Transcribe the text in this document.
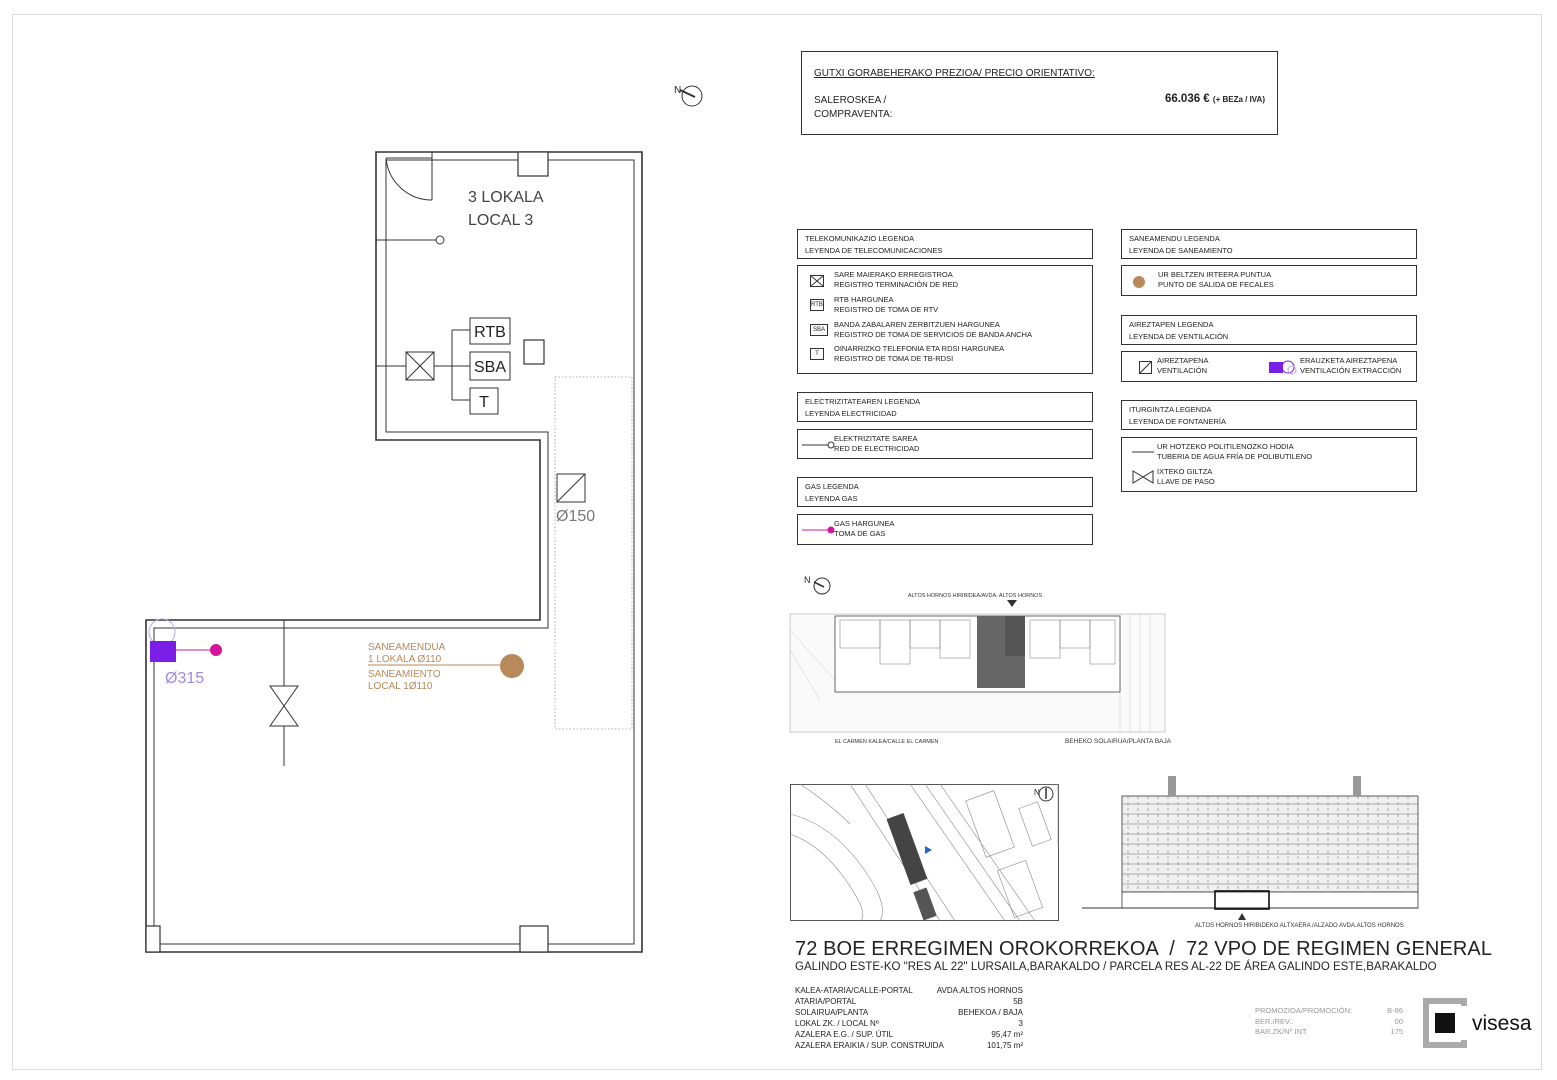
RTB
SBA
T
3 LOKALA
LOCAL 3
Ø150
Ø315
SANEAMENDUA
1 LOKALA Ø110
SANEAMIENTO
LOCAL 1Ø110
N
GUTXI GORABEHERAKO PREZIOA/ PRECIO ORIENTATIVO:
SALEROSKEA /
COMPRAVENTA:
66.036 € (+ BEZa / IVA)
TELEKOMUNIKAZIO LEGENDA
LEYENDA DE TELECOMUNICACIONES
SARE MAIERAKO ERREGISTROA
REGISTRO TERMINACIÓN DE RED
RTB
RTB HARGUNEA
REGISTRO DE TOMA DE RTV
SBA
BANDA ZABALAREN ZERBITZUEN HARGUNEA
REGISTRO DE TOMA DE SERVICIOS DE BANDA ANCHA
T
OINARRIZKO TELEFONIA ETA RDSI HARGUNEA
REGISTRO DE TOMA DE TB-RDSI
ELECTRIZITATEAREN LEGENDA
LEYENDA ELECTRICIDAD
ELEKTRIZITATE SAREA
RED DE ELECTRICIDAD
GAS LEGENDA
LEYENDA GAS
GAS HARGUNEA
TOMA DE GAS
SANEAMENDU LEGENDA
LEYENDA DE SANEAMIENTO
UR BELTZEN IRTEERA PUNTUA
PUNTO DE SALIDA DE FECALES
AIREZTAPEN LEGENDA
LEYENDA DE VENTILACIÓN
AIREZTAPENA
VENTILACIÓN
ERAUZKETA AIREZTAPENA
VENTILACIÓN EXTRACCIÓN
ITURGINTZA LEGENDA
LEYENDA DE FONTANERÍA
UR HOTZEKO POLITILENOZKO HODIA
TUBERIA DE AGUA FRÍA DE POLIBUTILENO
IXTEKO GILTZA
LLAVE DE PASO
N
ALTOS HORNOS HIRIBIDEA/AVDA. ALTOS HORNOS
EL CARMEN KALEA/CALLE EL CARMEN	BEHEKO SOLAIRUA/PLANTA BAJA
N
ALTOS HORNOS HIRIBIDEKO ALTXAERA /ALZADO AVDA.ALTOS HORNOS
72 BOE ERREGIMEN OROKORREKOA  /  72 VPO DE REGIMEN GENERAL
GALINDO ESTE-KO "RES AL 22" LURSAILA,BARAKALDO / PARCELA RES AL-22 DE ÁREA GALINDO ESTE,BARAKALDO
KALEA-ATARIA/CALLE-PORTAL	AVDA.ALTOS HORNOS
ATARIA/PORTAL	5B
SOLAIRUA/PLANTA	BEHEKOA / BAJA
LOKAL ZK. / LOCAL Nº	3
AZALERA E.G. / SUP. ÚTIL	95,47 m²
AZALERA ERAIKIA / SUP. CONSTRUIDA	101,75 m²
PROMOZIOA/PROMOCIÓN:	B-86
BER./REV.:	00
BAR.ZK/Nº INT:	175	visesa
